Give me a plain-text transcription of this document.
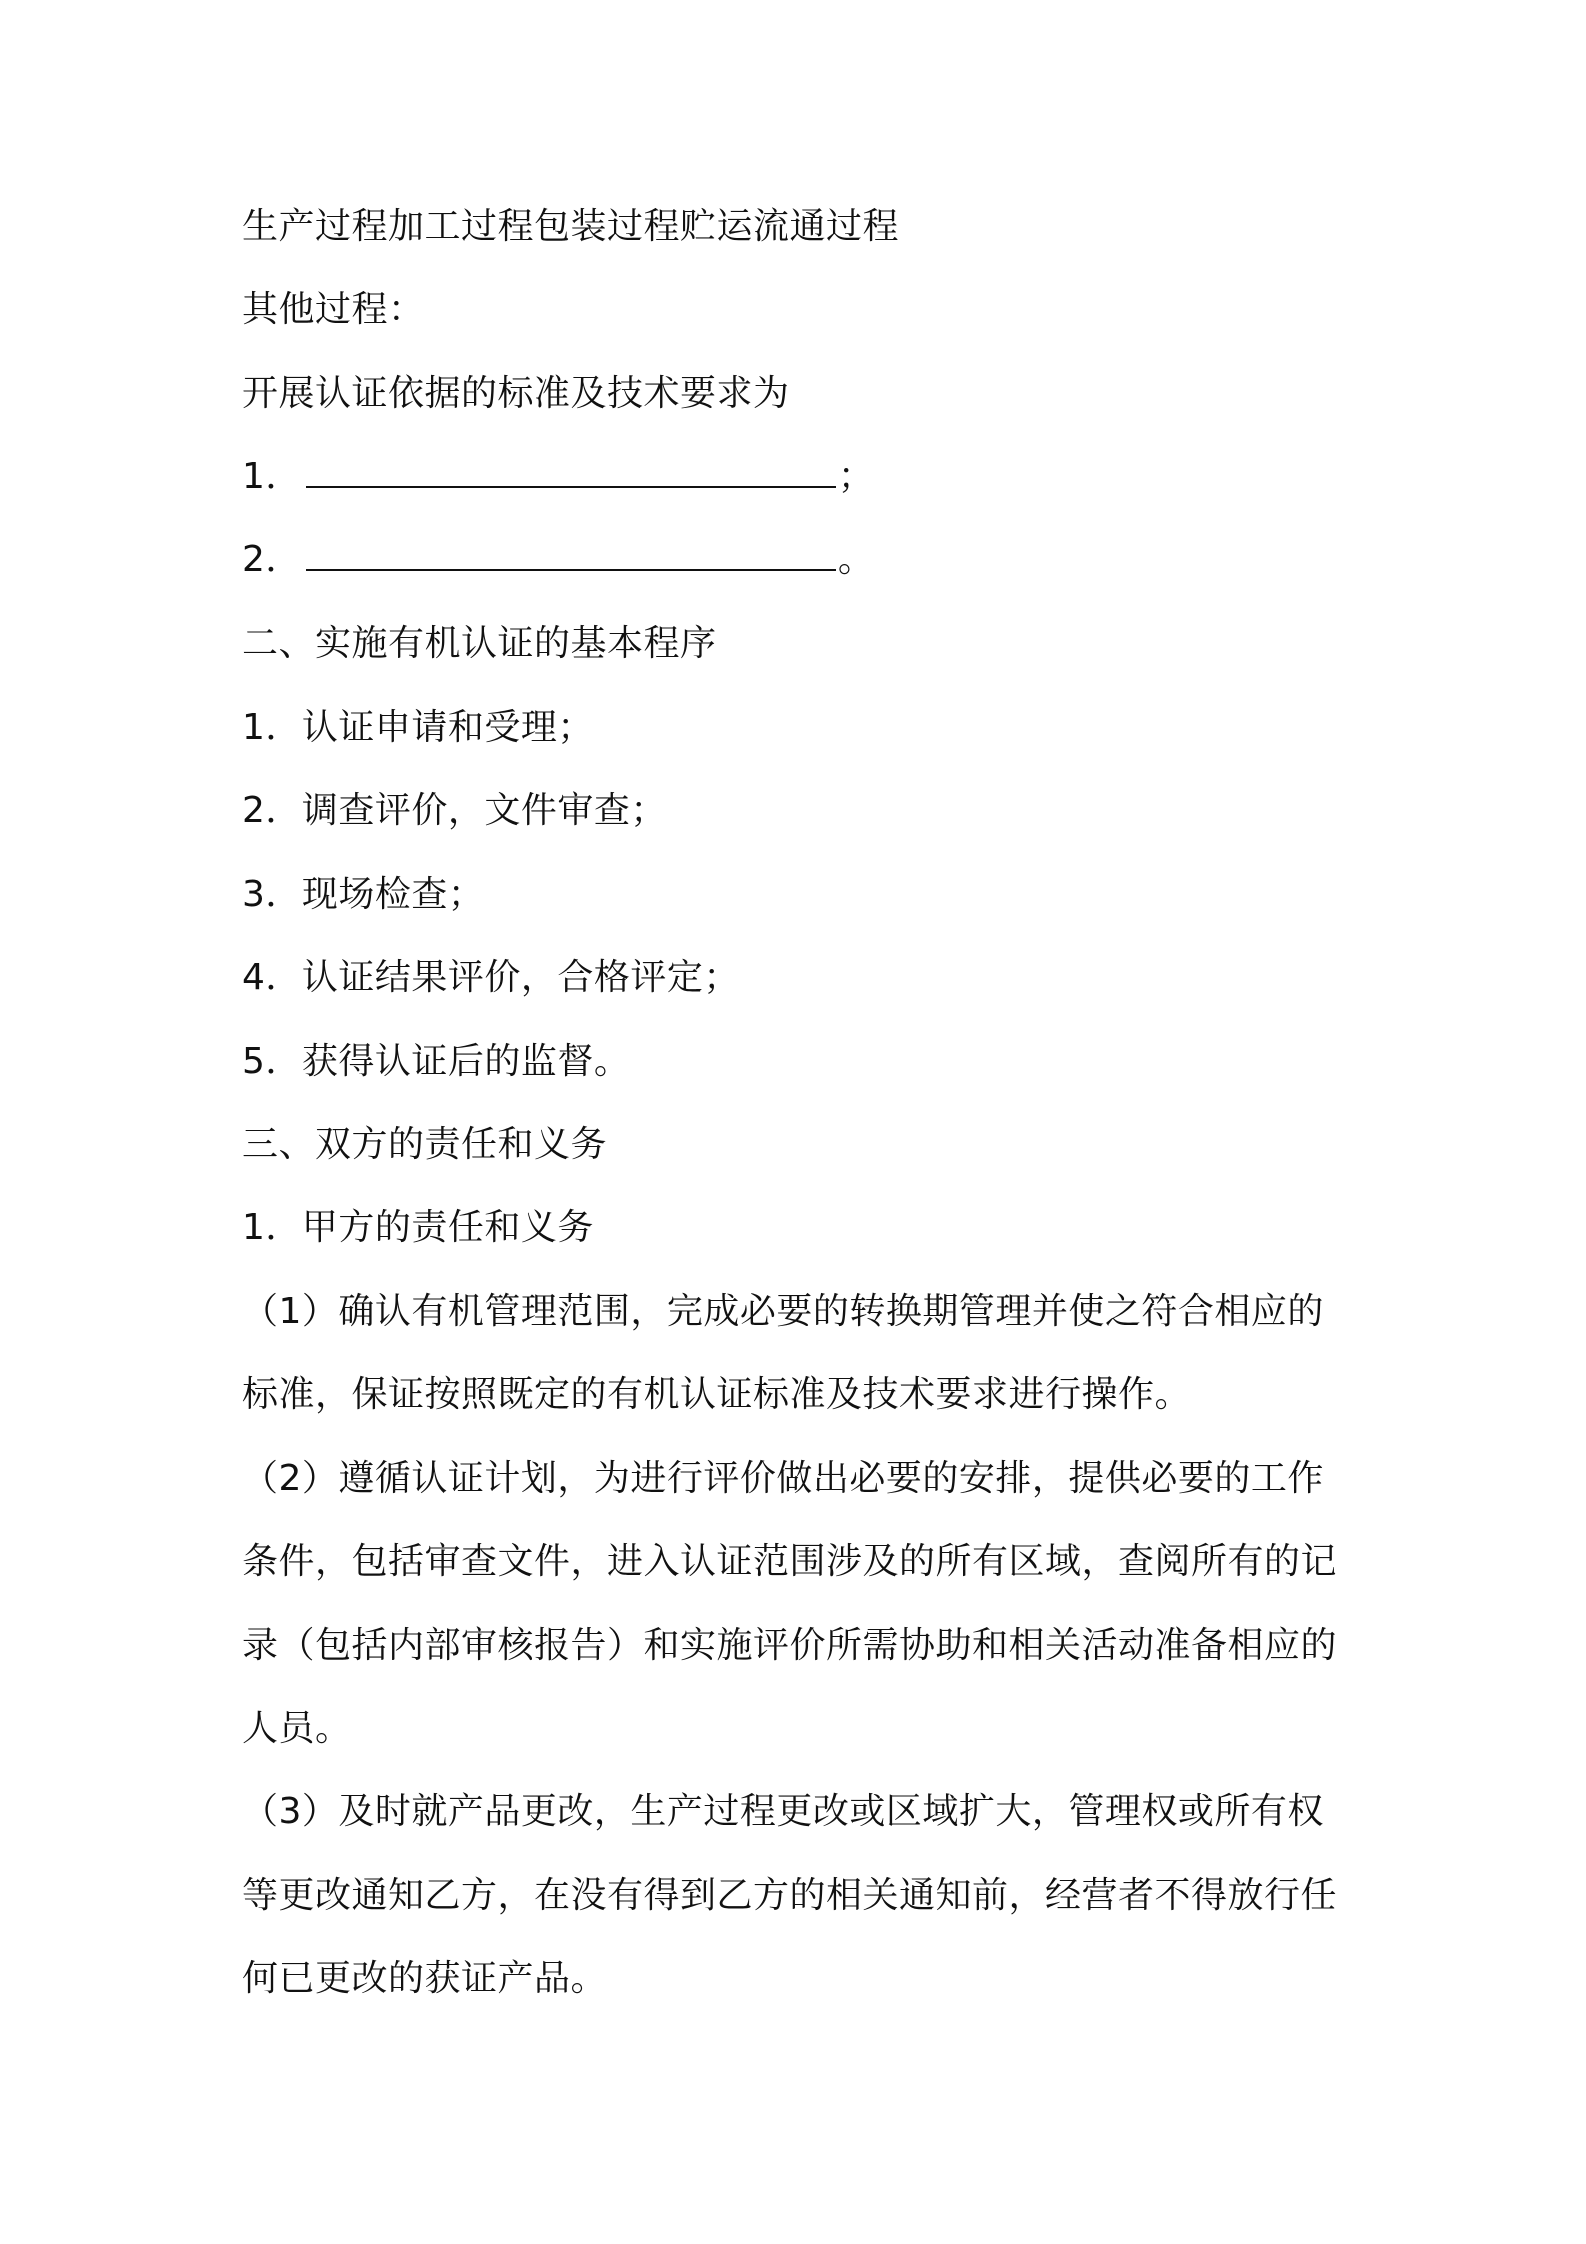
生产过程加工过程包装过程贮运流通过程
其他过程：
开展认证依据的标准及技术要求为
1．	；
2．	。
二、实施有机认证的基本程序
1．认证申请和受理；
2．调查评价，文件审查；
3．现场检查；
4．认证结果评价，合格评定；
5．获得认证后的监督。
三、双方的责任和义务
1．甲方的责任和义务
（1）确认有机管理范围，完成必要的转换期管理并使之符合相应的
标准，保证按照既定的有机认证标准及技术要求进行操作。
（2）遵循认证计划，为进行评价做出必要的安排，提供必要的工作
条件，包括审查文件，进入认证范围涉及的所有区域，查阅所有的记
录（包括内部审核报告）和实施评价所需协助和相关活动准备相应的
人员。
（3）及时就产品更改，生产过程更改或区域扩大，管理权或所有权
等更改通知乙方，在没有得到乙方的相关通知前，经营者不得放行任
何已更改的获证产品。
